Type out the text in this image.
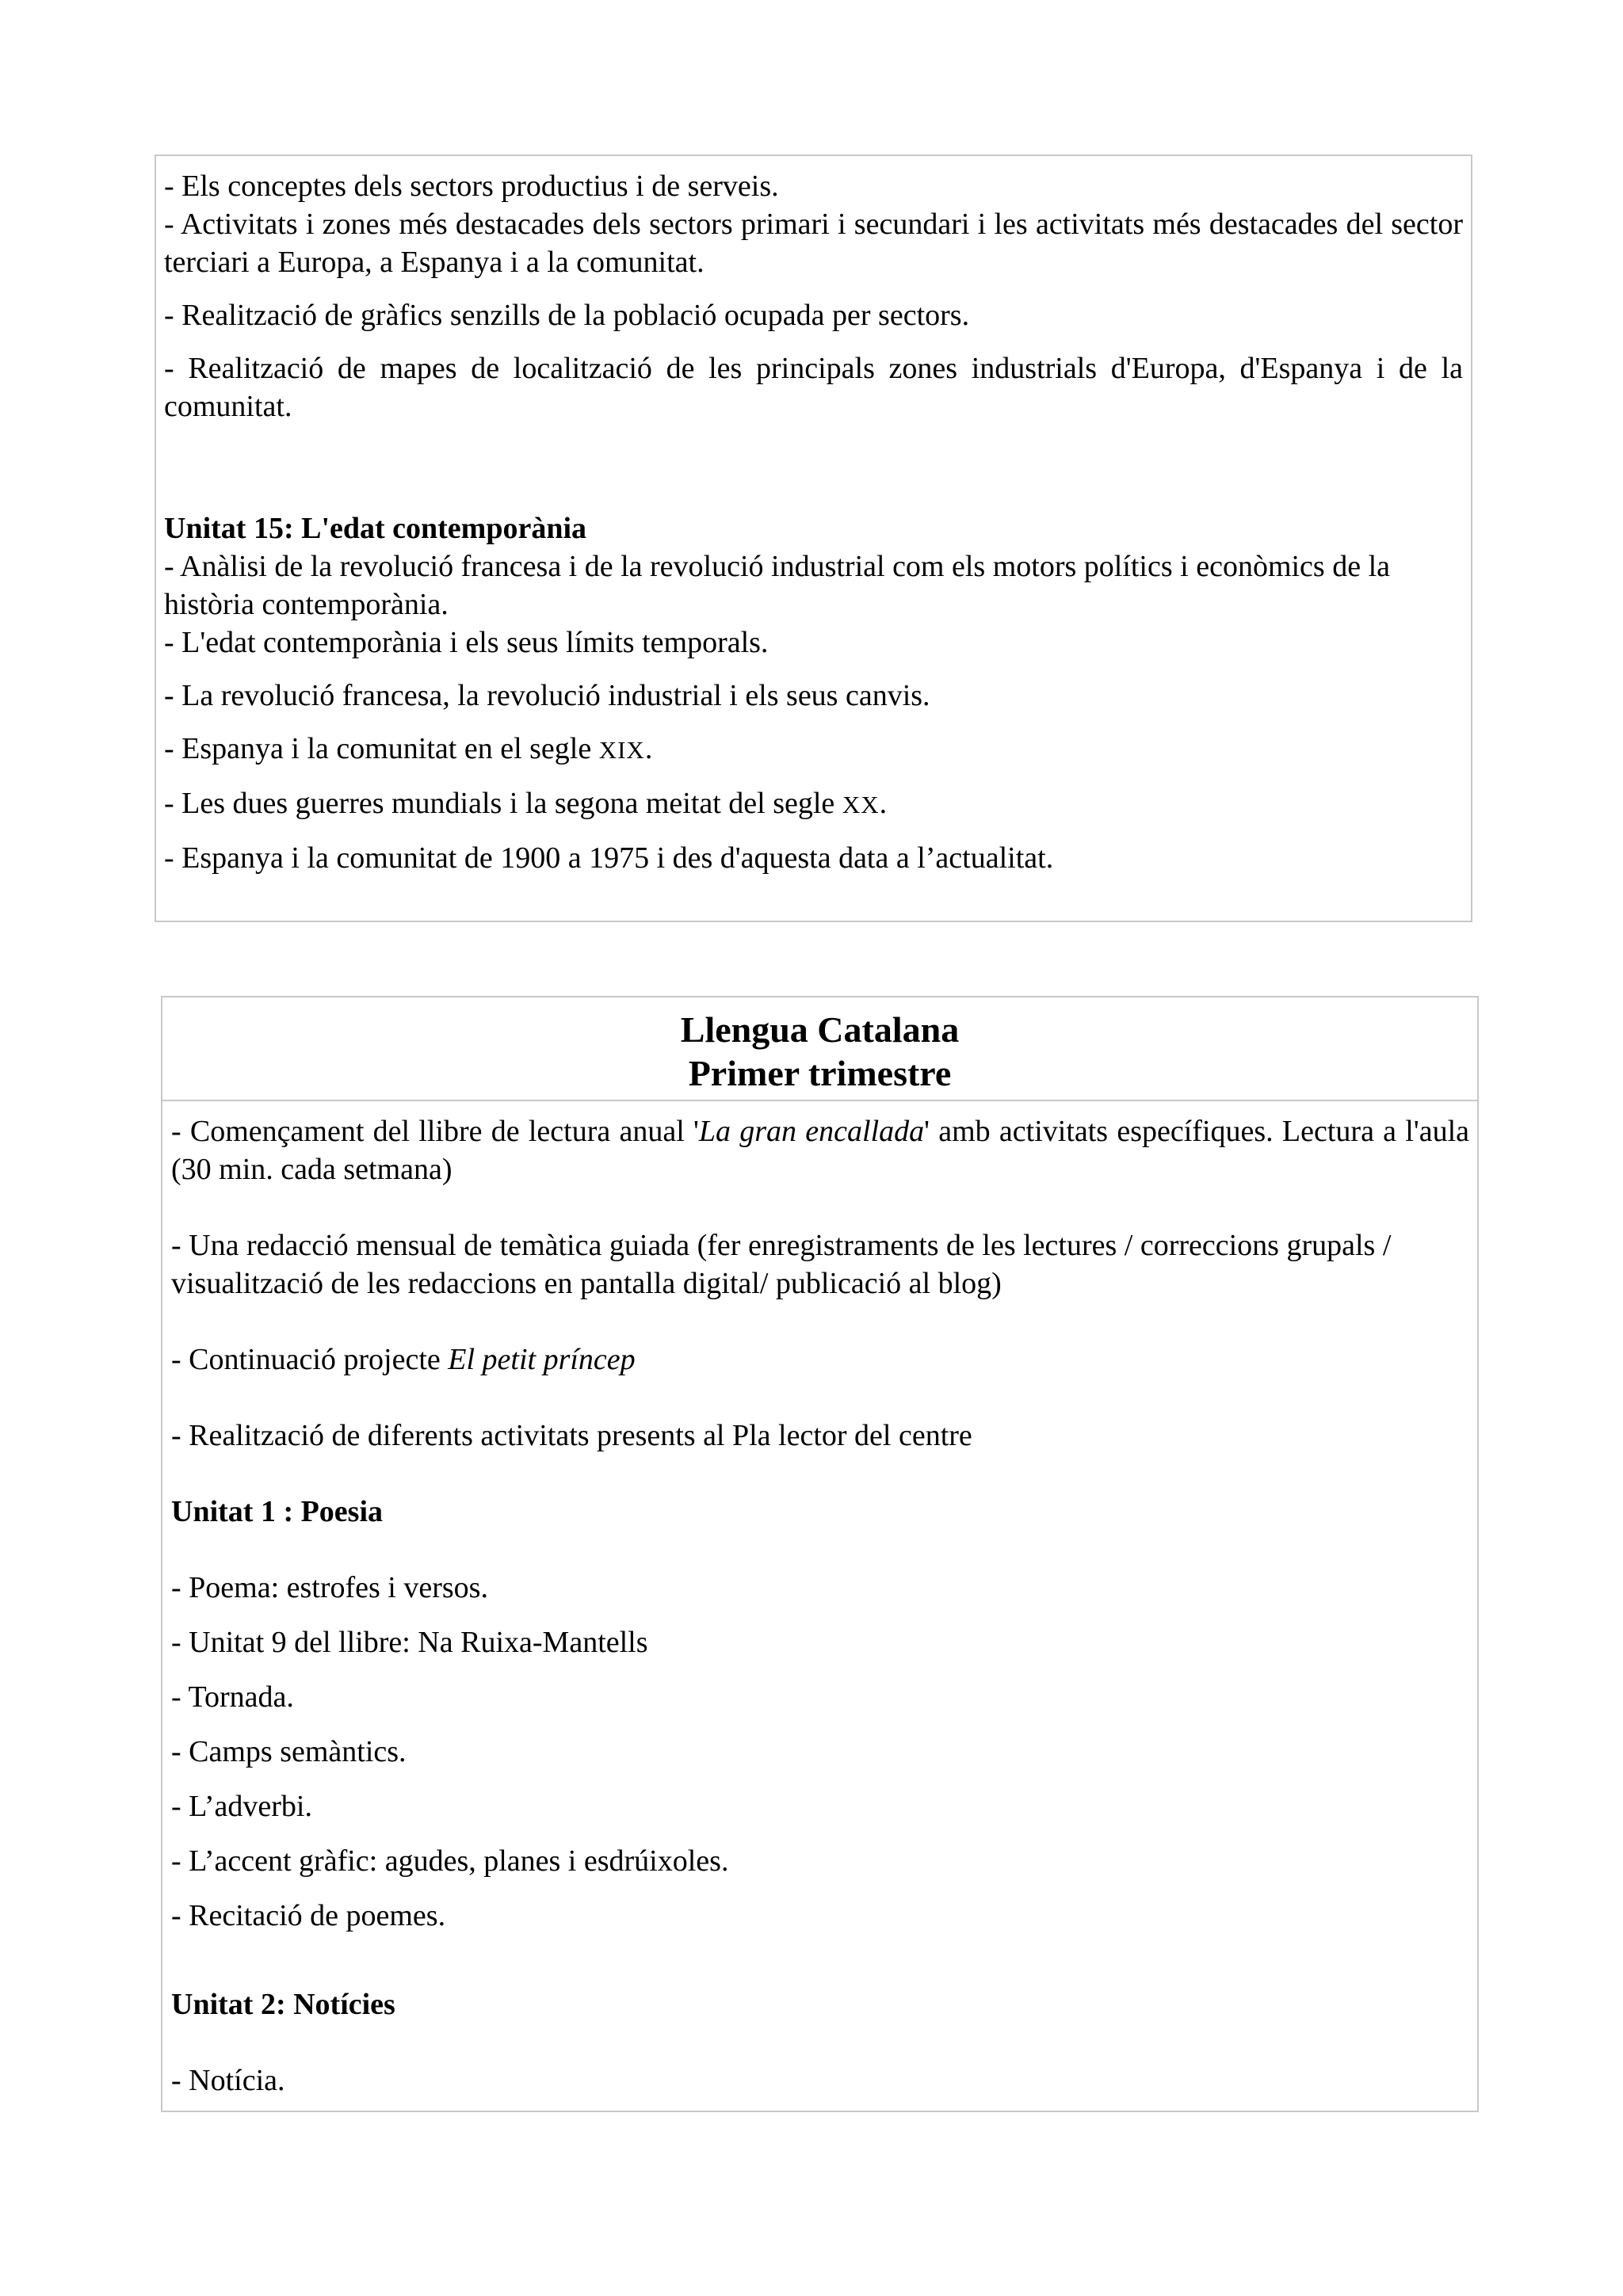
- Els conceptes dels sectors productius i de serveis.

- Activitats i zones més destacades dels sectors primari i secundari i les activitats més destacades del sector terciari a Europa, a Espanya i a la comunitat.

- Realització de gràfics senzills de la població ocupada per sectors.

- Realització de mapes de localització de les principals zones industrials d'Europa, d'Espanya i de la comunitat.

Unitat 15: L'edat contemporània

- Anàlisi de la revolució francesa i de la revolució industrial com els motors polítics i econòmics de la història contemporània.

- L'edat contemporània i els seus límits temporals.

- La revolució francesa, la revolució industrial i els seus canvis.

- Espanya i la comunitat en el segle XIX.

- Les dues guerres mundials i la segona meitat del segle XX.

- Espanya i la comunitat de 1900 a 1975 i des d'aquesta data a l’actualitat.

Llengua Catalana
Primer trimestre

- Començament del llibre de lectura anual 'La gran encallada' amb activitats específiques. Lectura a l'aula (30 min. cada setmana)

- Una redacció mensual de temàtica guiada (fer enregistraments de les lectures / correccions grupals / visualització de les redaccions en pantalla digital/ publicació al blog)

- Continuació projecte El petit príncep

- Realització de diferents activitats presents al Pla lector del centre

Unitat 1 : Poesia

- Poema: estrofes i versos.

- Unitat 9 del llibre: Na Ruixa-Mantells

- Tornada.

- Camps semàntics.

- L’adverbi.

- L’accent gràfic: agudes, planes i esdrúixoles.

- Recitació de poemes.

Unitat 2: Notícies

- Notícia.
